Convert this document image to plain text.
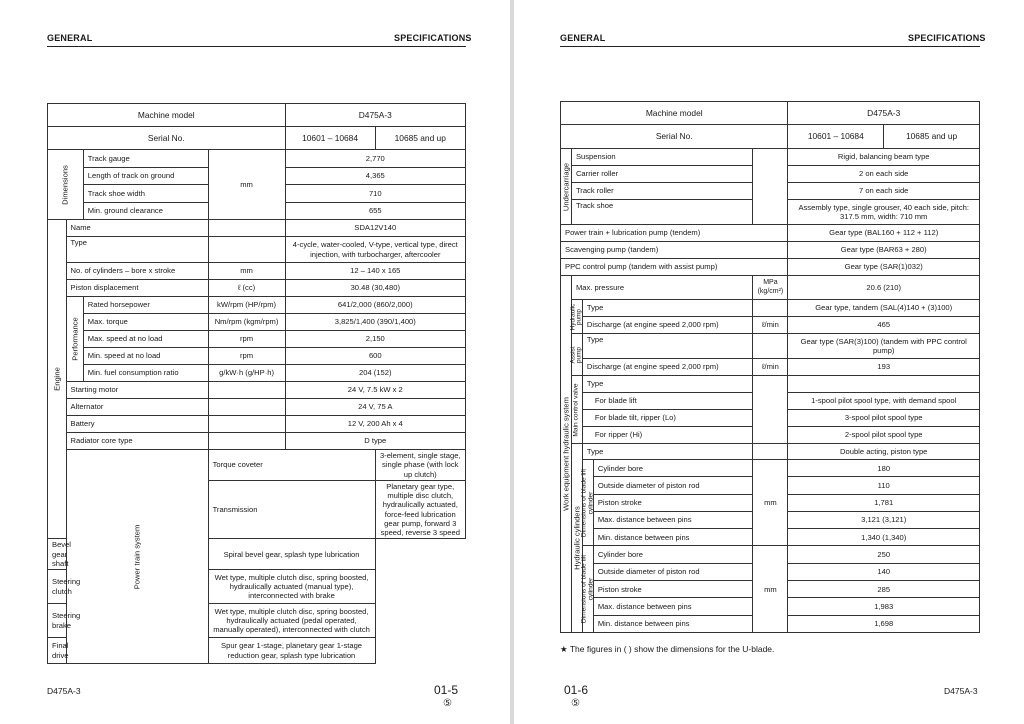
GENERAL	SPECIFICATIONS
Machine model				D475A-3	
Serial No.				10601 – 10684	10685 and up

Dimensions		Track gauge	mm	2,770	
		Length of track on ground		4,365	
		Track shoe width		710	
		Min. ground clearance		655	

Engine	Name			SDA12V140	
	Type			4-cycle, water-cooled, V-type, vertical type, direct injection, with turbocharger, aftercooler	
	No. of cylinders – bore x stroke		mm	12 – 140 x 165	
	Piston displacement		ℓ (cc)	30.48 (30,480)	

	Performance	Rated horsepower	kW/rpm (HP/rpm)	641/2,000 (860/2,000)	
		Max. torque	Nm/rpm (kgm/rpm)	3,825/1,400 (390/1,400)	
		Max. speed at no load	rpm	2,150	
		Min. speed at no load	rpm	600	
		Min. fuel consumption ratio	g/kW·h (g/HP·h)	204 (152)	
	Starting motor			24 V, 7.5 kW x 2	
	Alternator			24 V, 75 A	
	Battery			12 V, 200 Ah x 4	
	Radiator core type			D type	

	Power train system		Torque coveter		3-element, single stage, single phase (with lock up clutch)
			Transmission		Planetary gear type, multiple disc clutch, hydraulically actuated, force-feed lubrication gear pump, forward 3 speed, reverse 3 speed
Bevel gear shaft			Spiral bevel gear, splash type lubrication		
Steering clutch			Wet type, multiple clutch disc, spring boosted, hydraulically actuated (manual type), interconnected with brake		
Steering brake			Wet type, multiple clutch disc, spring boosted, hydraulically actuated (pedal operated, manually operated), interconnected with clutch		
Final drive			Spur gear 1-stage, planetary gear 1-stage reduction gear, splash type lubrication		
D475A-3	01-5
⑤
GENERAL	SPECIFICATIONS
Machine model					D475A-3	
Serial No.					10601 – 10684	10685 and up

Undercarriage	Suspension				Rigid, balancing beam type	
	Carrier roller				2 on each side	
	Track roller				7 on each side	
	Track shoe				Assembly type, single grouser, 40 each side, pitch: 317.5 mm, width: 710 mm	
Power train + lubrication pump (tendem)					Gear type (BAL160 + 112 + 112)	
Scavenging pump (tandem)					Gear type (BAR63 + 280)	
PPC control pump (tandem with assist pump)					Gear type (SAR(1)032)	

Work equipment hydraulic system	Max. pressure			MPa (kg/cm²)	20.6 (210)	

	Hydraulic pump	Type			Gear type, tandem (SAL(4)140 + (3)100)	
		Discharge (at engine speed 2,000 rpm)		ℓ/min	465	

	Assist pump	Type			Gear type (SAR(3)100) (tandem with PPC control pump)	
		Discharge (at engine speed 2,000 rpm)		ℓ/min	193	

	Main control valve	Type				
		For blade lift			1-spool pilot spool type, with demand spool	
		For blade tilt, ripper (Lo)			3-spool pilot spool type	
		For ripper (Hi)			2-spool pilot spool type	

	Hydraulic cylinders	Type			Double acting, piston type	

		Dimensions of blade lift cylinder	Cylinder bore	mm	180	
			Outside diameter of piston rod		110	
			Piston stroke		1,781	
			Max. distance between pins		3,121 (3,121)	
			Min. distance between pins		1,340 (1,340)	

		Dimensions of blade tilt cylinder	Cylinder bore	mm	250	
			Outside diameter of piston rod		140	
			Piston stroke		285	
			Max. distance between pins		1,983	
			Min. distance between pins		1,698	
★ The figures in ( ) show the dimensions for the U-blade.
01-6
⑤
D475A-3
